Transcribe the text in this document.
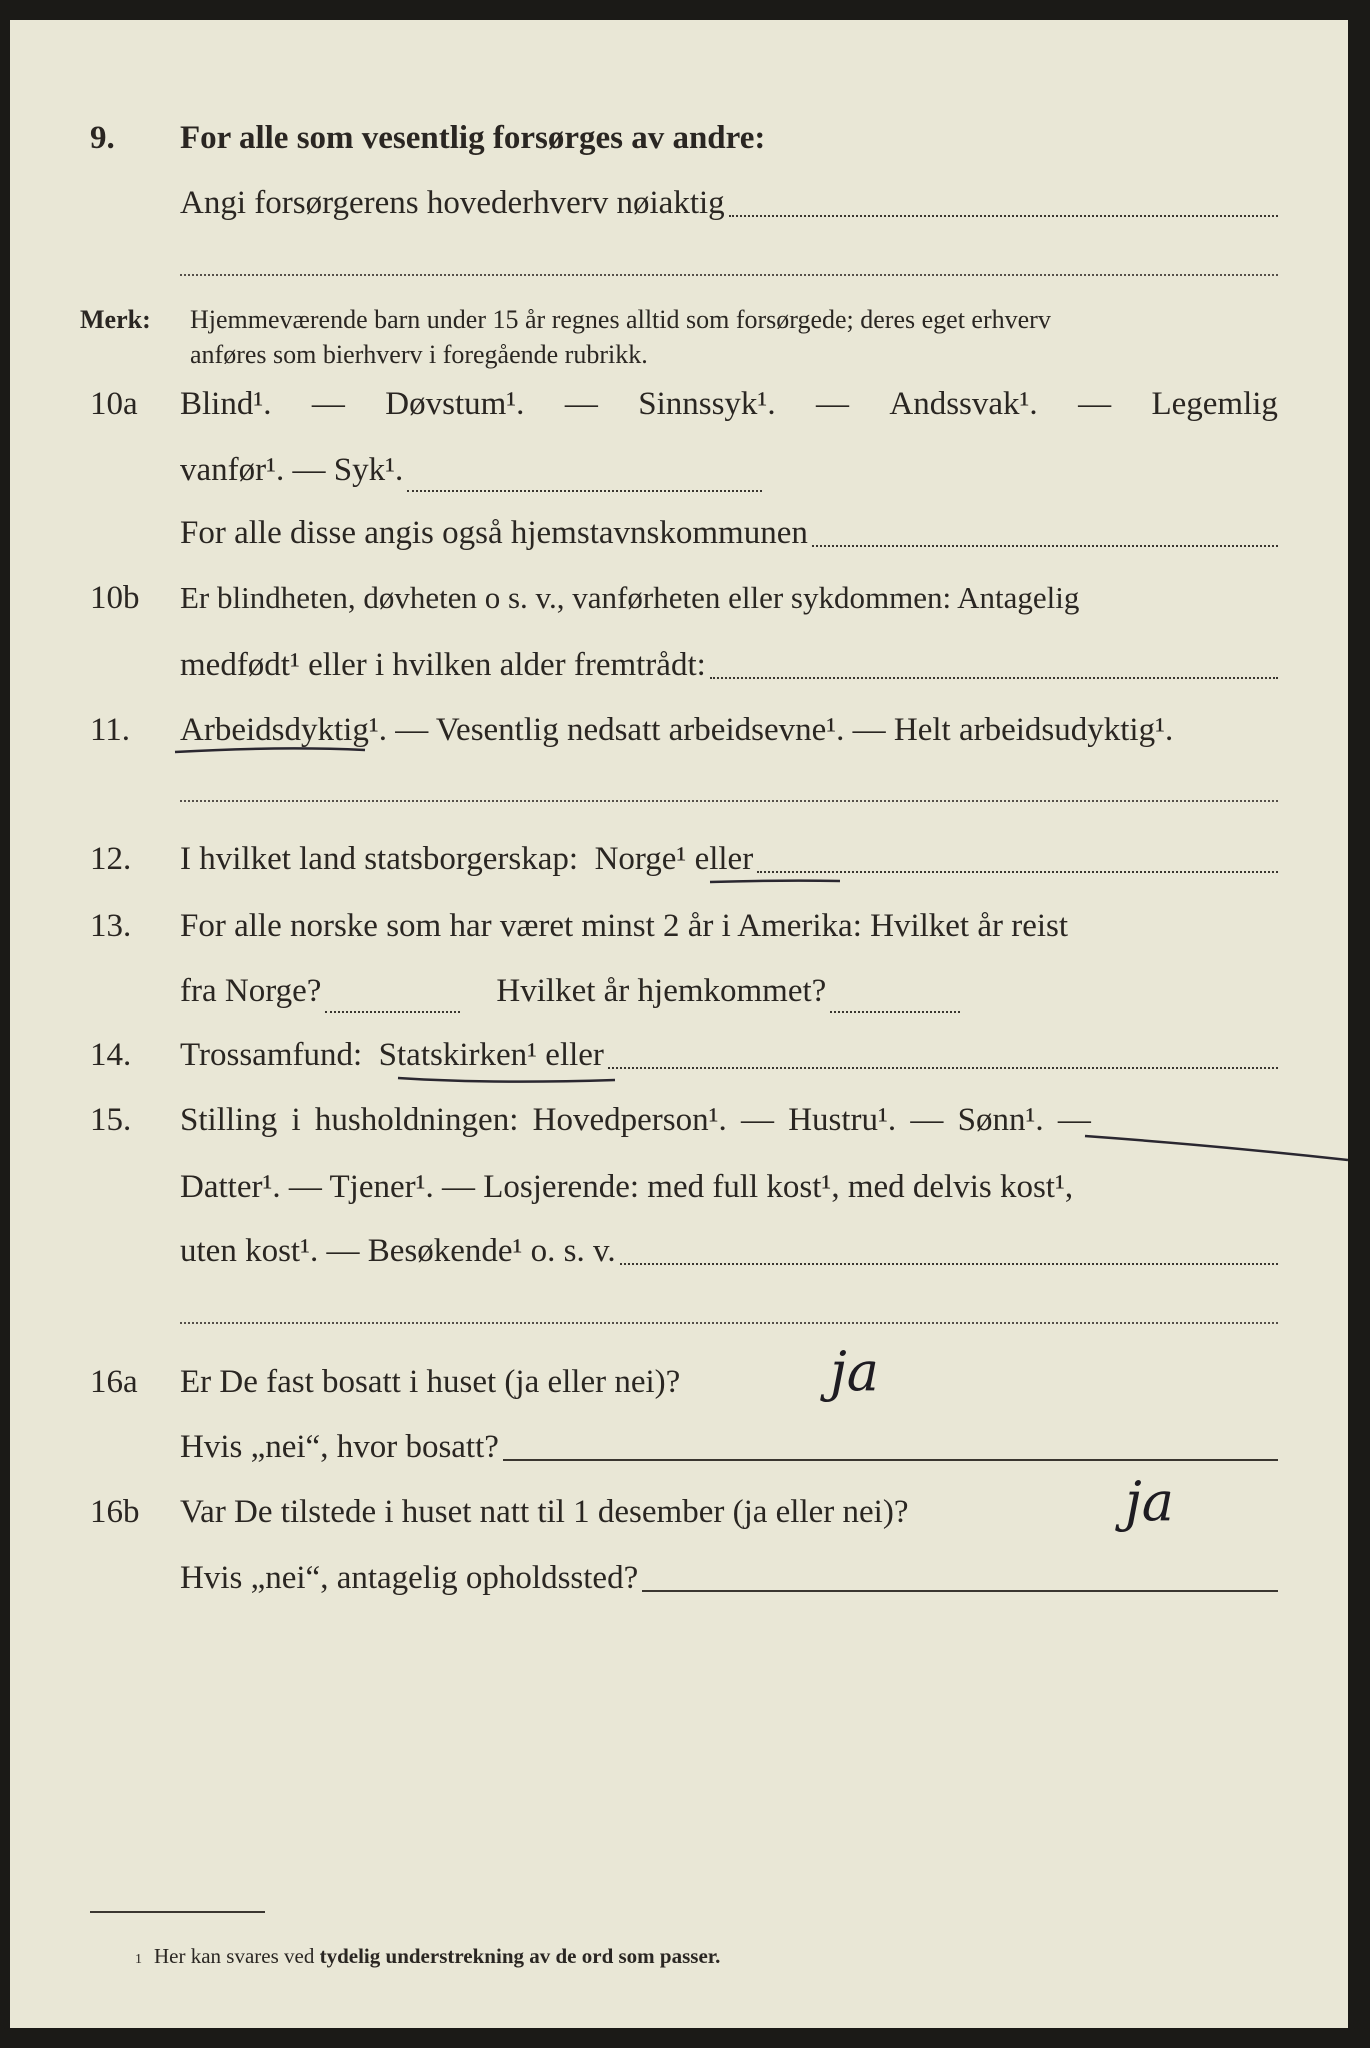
9. For alle som vesentlig forsørges av andre:
Angi forsørgerens hovederhverv nøiaktig
Merk: Hjemmeværende barn under 15 år regnes alltid som forsørgede; deres eget erhverv
anføres som bierhverv i foregående rubrikk.
10a Blind¹. — Døvstum¹. — Sinnssyk¹. — Andssvak¹. — Legemlig
vanfør¹. — Syk¹.
For alle disse angis også hjemstavnskommunen
10b Er blindheten, døvheten o s. v., vanførheten eller sykdommen: Antagelig
medfødt¹ eller i hvilken alder fremtrådt:
11. Arbeidsdyktig¹.
— Vesentlig nedsatt arbeidsevne¹. — Helt arbeidsudyktig¹.
12. I hvilket land statsborgerskap:
Norge¹
eller
13. For alle norske som har været minst 2 år i Amerika: Hvilket år reist
fra Norge?	Hvilket år hjemkommet?
14. Trossamfund:
Statskirken¹
eller
15. Stilling i husholdningen: Hovedperson¹. — Hustru¹. — Sønn¹. —
Datter¹. — Tjener¹. — Losjerende: med full kost¹, med delvis kost¹,
uten kost¹. — Besøkende¹ o. s. v.
16a Er De fast bosatt i huset (ja eller nei)?	ja
Hvis „nei“, hvor bosatt?
16b Var De tilstede i huset natt til 1 desember (ja eller nei)?	ja
Hvis „nei“, antagelig opholdssted?
1 Her kan svares ved
tydelig understrekning av de ord som passer.
